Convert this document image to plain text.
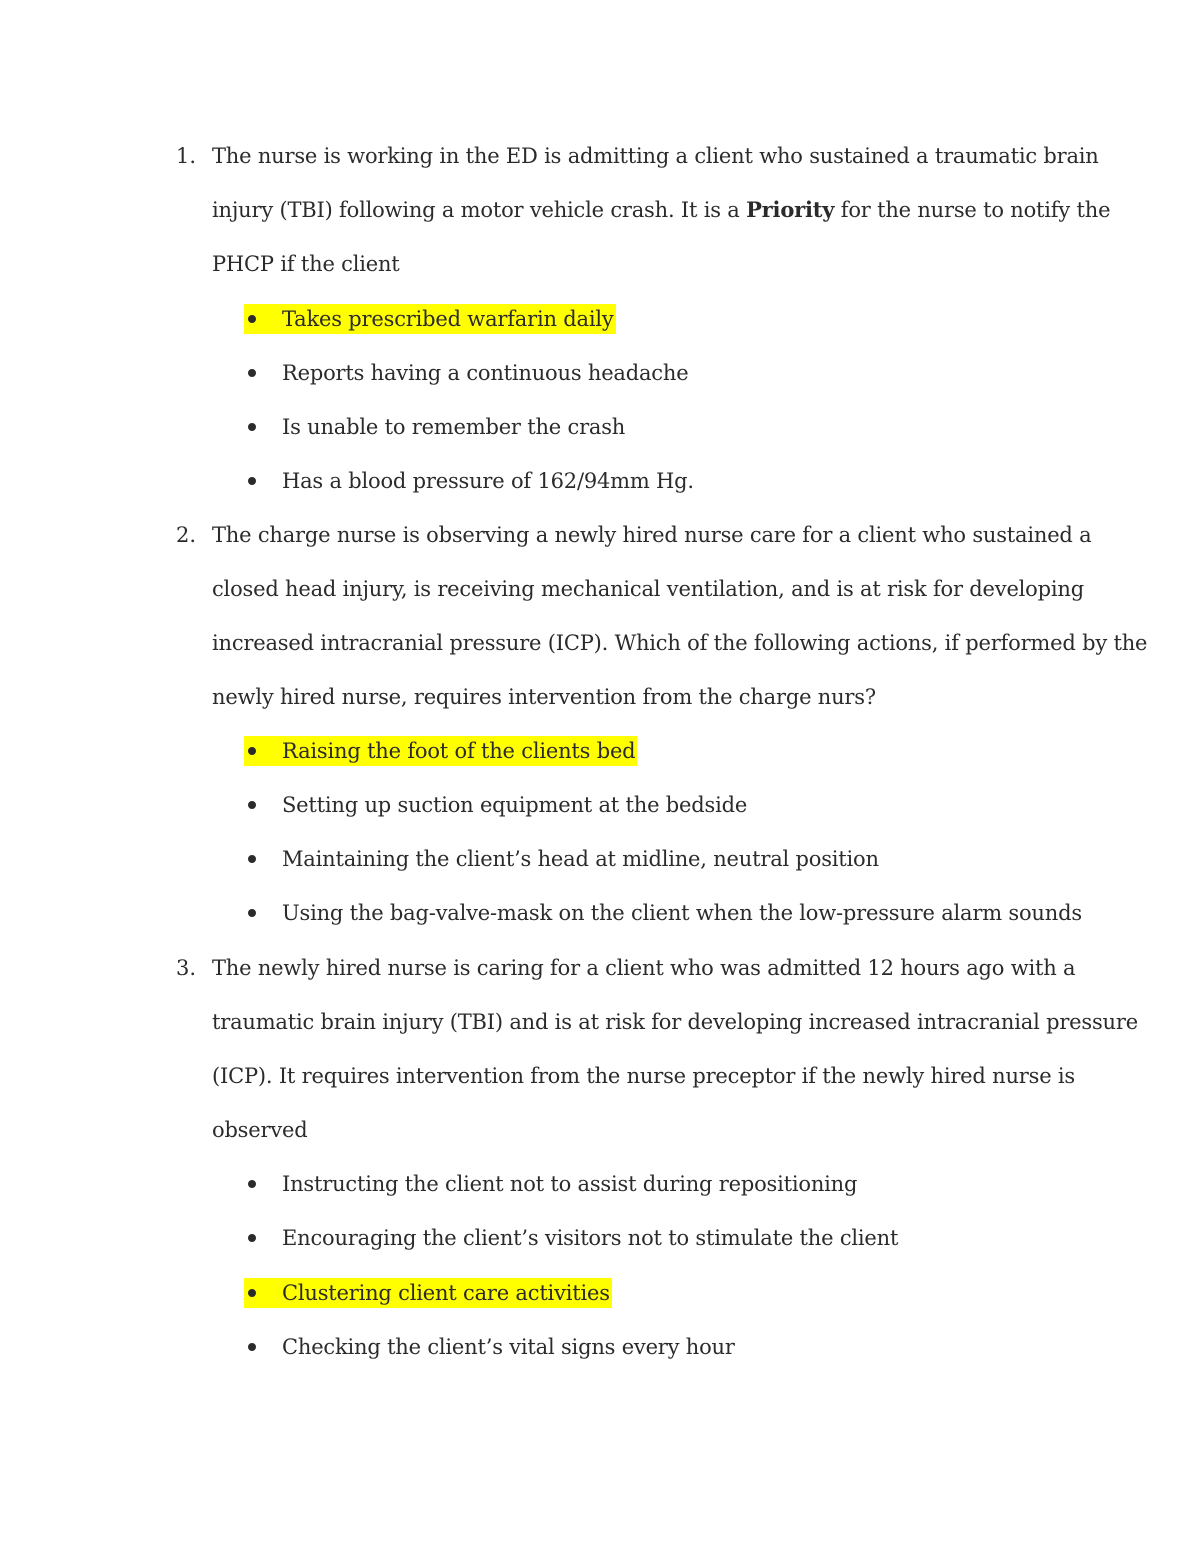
1. The nurse is working in the ED is admitting a client who sustained a traumatic brain
injury (TBI) following a motor vehicle crash. It is a Priority for the nurse to notify the
PHCP if the client
Takes prescribed warfarin daily
Reports having a continuous headache
Is unable to remember the crash
Has a blood pressure of 162/94mm Hg.
2. The charge nurse is observing a newly hired nurse care for a client who sustained a
closed head injury, is receiving mechanical ventilation, and is at risk for developing
increased intracranial pressure (ICP). Which of the following actions, if performed by the
newly hired nurse, requires intervention from the charge nurs?
Raising the foot of the clients bed
Setting up suction equipment at the bedside
Maintaining the client’s head at midline, neutral position
Using the bag-valve-mask on the client when the low-pressure alarm sounds
3. The newly hired nurse is caring for a client who was admitted 12 hours ago with a
traumatic brain injury (TBI) and is at risk for developing increased intracranial pressure
(ICP). It requires intervention from the nurse preceptor if the newly hired nurse is
observed
Instructing the client not to assist during repositioning
Encouraging the client’s visitors not to stimulate the client
Clustering client care activities
Checking the client’s vital signs every hour
